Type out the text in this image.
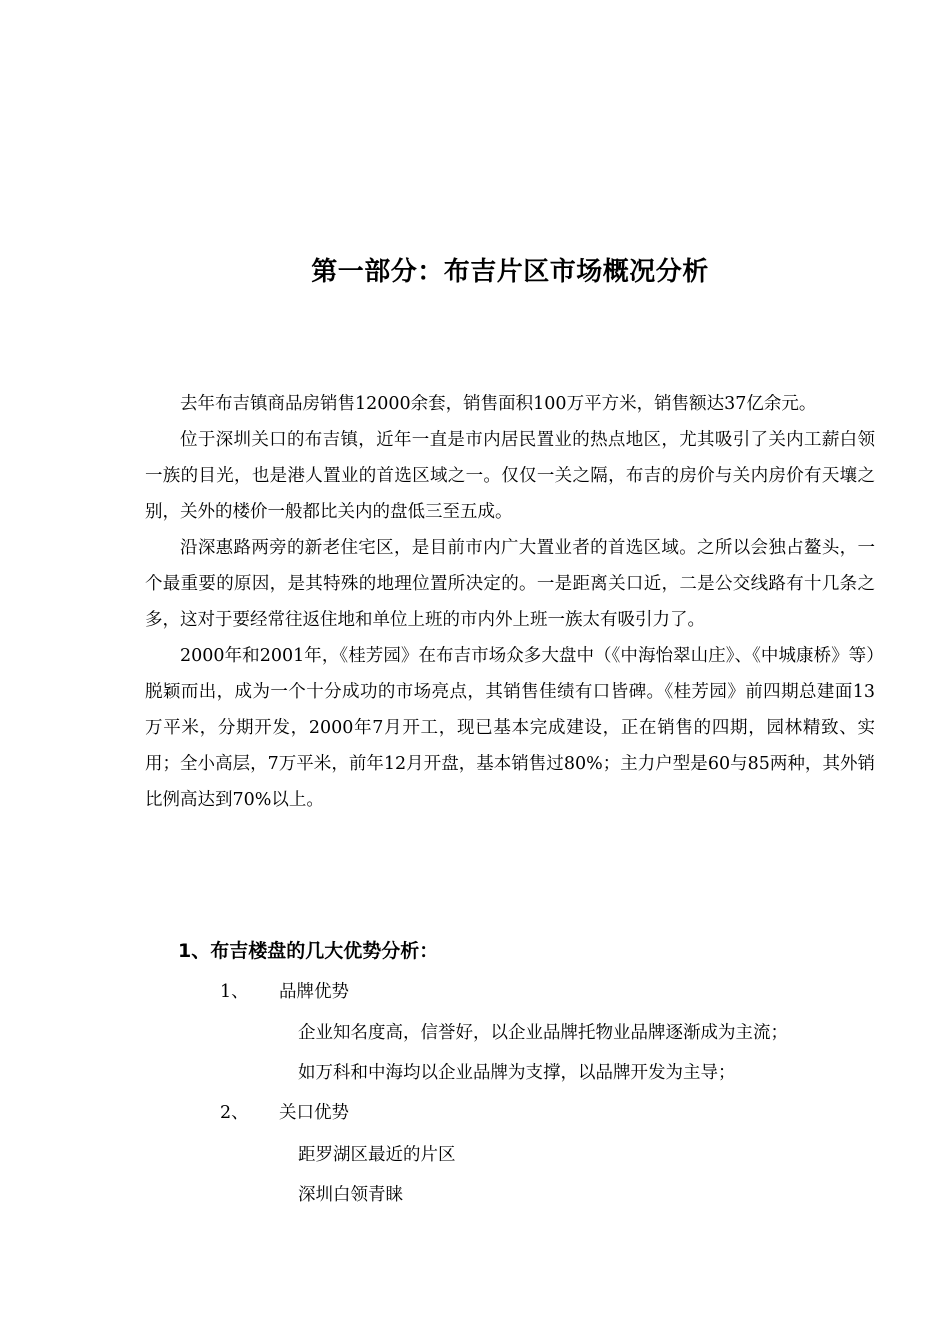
第一部分：布吉片区市场概况分析

去年布吉镇商品房销售12000余套，销售面积100万平方米，销售额达37亿余元。

位于深圳关口的布吉镇，近年一直是市内居民置业的热点地区，尤其吸引了关内工薪白领一族的目光，也是港人置业的首选区域之一。仅仅一关之隔，布吉的房价与关内房价有天壤之别，关外的楼价一般都比关内的盘低三至五成。

沿深惠路两旁的新老住宅区，是目前市内广大置业者的首选区域。之所以会独占鳌头，一个最重要的原因，是其特殊的地理位置所决定的。一是距离关口近，二是公交线路有十几条之多，这对于要经常往返住地和单位上班的市内外上班一族太有吸引力了。

2000年和2001年，《桂芳园》在布吉市场众多大盘中（《中海怡翠山庄》、《中城康桥》等）脱颖而出，成为一个十分成功的市场亮点，其销售佳绩有口皆碑。《桂芳园》前四期总建面13万平米，分期开发，2000年7月开工，现已基本完成建设，正在销售的四期，园林精致、实用；全小高层，7万平米，前年12月开盘，基本销售过80%；主力户型是60与85两种，其外销比例高达到70%以上。

1、布吉楼盘的几大优势分析：
1、 品牌优势
企业知名度高，信誉好，以企业品牌托物业品牌逐渐成为主流；
如万科和中海均以企业品牌为支撑，以品牌开发为主导；
2、 关口优势
距罗湖区最近的片区
深圳白领青睐
